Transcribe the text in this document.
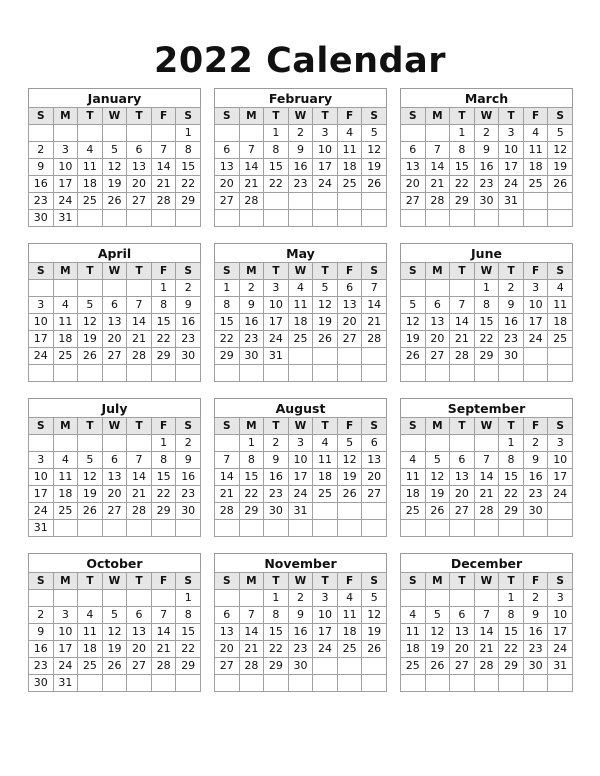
2022 Calendar
January
S	M	T	W	T	F	S
						1
2	3	4	5	6	7	8
9	10	11	12	13	14	15
16	17	18	19	20	21	22
23	24	25	26	27	28	29
30	31					
February
S	M	T	W	T	F	S
		1	2	3	4	5
6	7	8	9	10	11	12
13	14	15	16	17	18	19
20	21	22	23	24	25	26
27	28					

March
S	M	T	W	T	F	S
		1	2	3	4	5
6	7	8	9	10	11	12
13	14	15	16	17	18	19
20	21	22	23	24	25	26
27	28	29	30	31		

April
S	M	T	W	T	F	S
					1	2
3	4	5	6	7	8	9
10	11	12	13	14	15	16
17	18	19	20	21	22	23
24	25	26	27	28	29	30

May
S	M	T	W	T	F	S
1	2	3	4	5	6	7
8	9	10	11	12	13	14
15	16	17	18	19	20	21
22	23	24	25	26	27	28
29	30	31				

June
S	M	T	W	T	F	S
			1	2	3	4
5	6	7	8	9	10	11
12	13	14	15	16	17	18
19	20	21	22	23	24	25
26	27	28	29	30		

July
S	M	T	W	T	F	S
					1	2
3	4	5	6	7	8	9
10	11	12	13	14	15	16
17	18	19	20	21	22	23
24	25	26	27	28	29	30
31						
August
S	M	T	W	T	F	S
	1	2	3	4	5	6
7	8	9	10	11	12	13
14	15	16	17	18	19	20
21	22	23	24	25	26	27
28	29	30	31			

September
S	M	T	W	T	F	S
				1	2	3
4	5	6	7	8	9	10
11	12	13	14	15	16	17
18	19	20	21	22	23	24
25	26	27	28	29	30	

October
S	M	T	W	T	F	S
						1
2	3	4	5	6	7	8
9	10	11	12	13	14	15
16	17	18	19	20	21	22
23	24	25	26	27	28	29
30	31					
November
S	M	T	W	T	F	S
		1	2	3	4	5
6	7	8	9	10	11	12
13	14	15	16	17	18	19
20	21	22	23	24	25	26
27	28	29	30			

December
S	M	T	W	T	F	S
				1	2	3
4	5	6	7	8	9	10
11	12	13	14	15	16	17
18	19	20	21	22	23	24
25	26	27	28	29	30	31
